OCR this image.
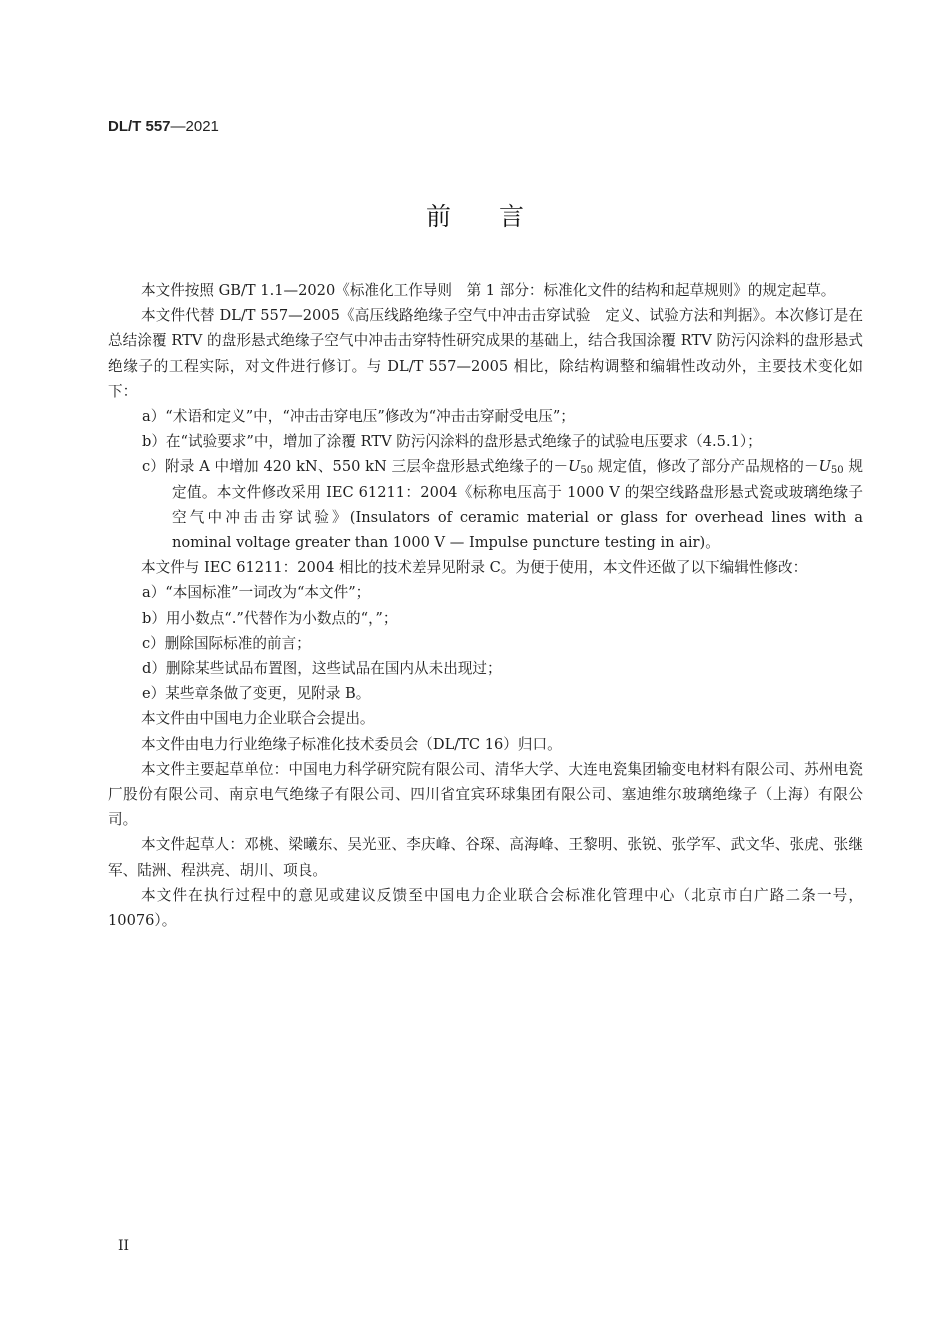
DL/T 557—2021
前言

本文件按照 GB/T 1.1—2020《标准化工作导则　第 1 部分：标准化文件的结构和起草规则》的规定起草。

本文件代替 DL/T 557—2005《高压线路绝缘子空气中冲击击穿试验　定义、试验方法和判据》。本次修订是在总结涂覆 RTV 的盘形悬式绝缘子空气中冲击击穿特性研究成果的基础上，结合我国涂覆 RTV 防污闪涂料的盘形悬式绝缘子的工程实际，对文件进行修订。与 DL/T 557—2005 相比，除结构调整和编辑性改动外，主要技术变化如下：

a）“术语和定义”中，“冲击击穿电压”修改为“冲击击穿耐受电压”；

b）在“试验要求”中，增加了涂覆 RTV 防污闪涂料的盘形悬式绝缘子的试验电压要求（4.5.1）；

c）附录 A 中增加 420 kN、550 kN 三层伞盘形悬式绝缘子的$-U_{50}$ 规定值，修改了部分产品规格的$-U_{50}$ 规定值。本文件修改采用 IEC 61211：2004《标称电压高于 1000 V 的架空线路盘形悬式瓷或玻璃绝缘子　空气中冲击击穿试验》(Insulators of ceramic material or glass for overhead lines with a nominal voltage greater than 1000 V — Impulse puncture testing in air)。

本文件与 IEC 61211：2004 相比的技术差异见附录 C。为便于使用，本文件还做了以下编辑性修改：

a）“本国标准”一词改为“本文件”；

b）用小数点“.”代替作为小数点的“，”；

c）删除国际标准的前言；

d）删除某些试品布置图，这些试品在国内从未出现过；

e）某些章条做了变更，见附录 B。

本文件由中国电力企业联合会提出。

本文件由电力行业绝缘子标准化技术委员会（DL/TC 16）归口。

本文件主要起草单位：中国电力科学研究院有限公司、清华大学、大连电瓷集团输变电材料有限公司、苏州电瓷厂股份有限公司、南京电气绝缘子有限公司、四川省宜宾环球集团有限公司、塞迪维尔玻璃绝缘子（上海）有限公司。

本文件起草人：邓桃、梁曦东、吴光亚、李庆峰、谷琛、高海峰、王黎明、张锐、张学军、武文华、张虎、张继军、陆洲、程洪亮、胡川、项良。

本文件在执行过程中的意见或建议反馈至中国电力企业联合会标准化管理中心（北京市白广路二条一号，10076）。

II
